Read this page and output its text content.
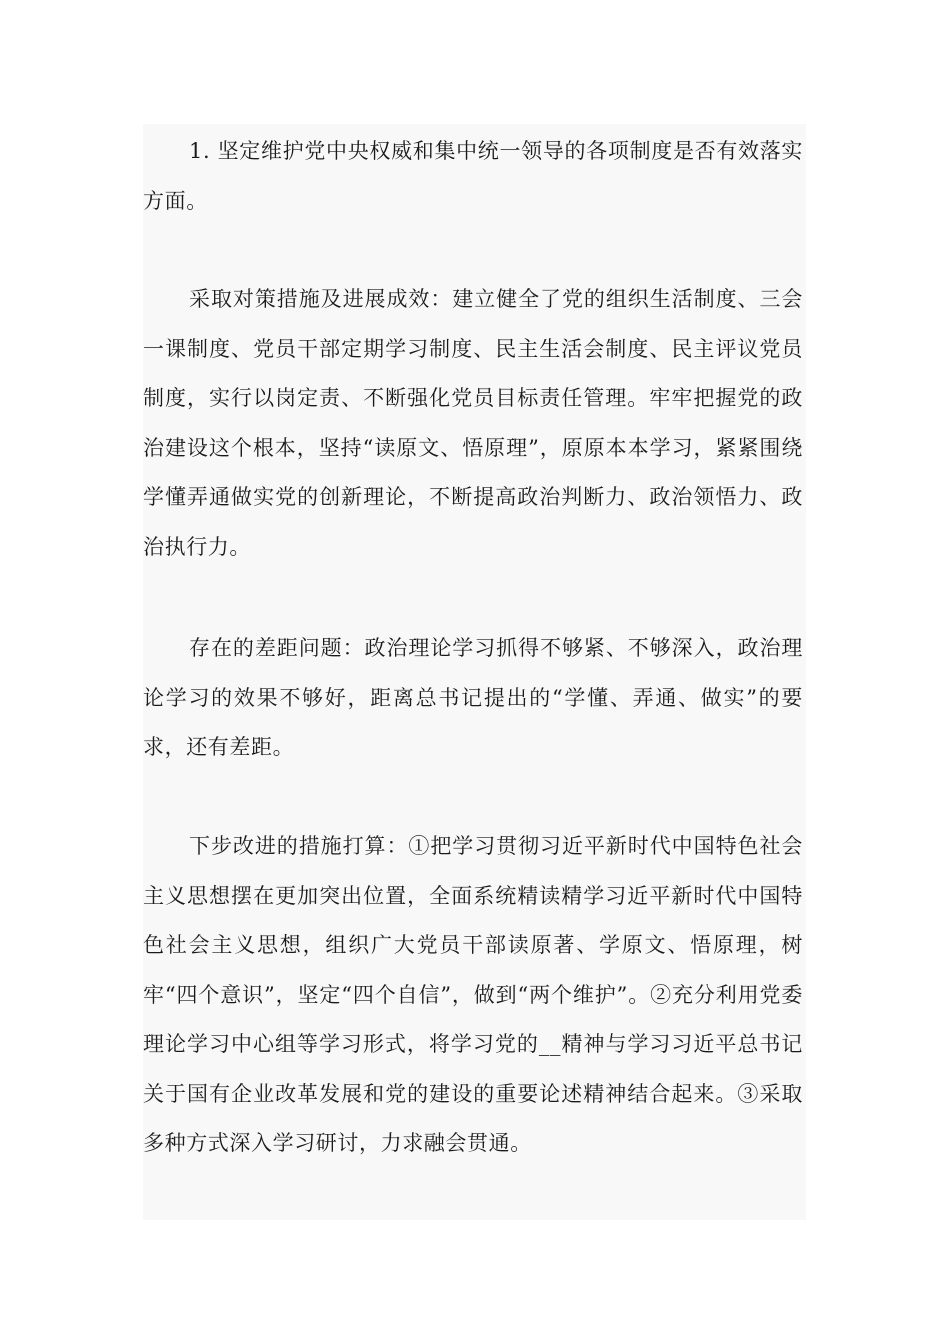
1. 坚定维护党中央权威和集中统一领导的各项制度是否有效落实方面。

采取对策措施及进展成效：建立健全了党的组织生活制度、三会一课制度、党员干部定期学习制度、民主生活会制度、民主评议党员制度，实行以岗定责、不断强化党员目标责任管理。牢牢把握党的政治建设这个根本，坚持“读原文、悟原理”，原原本本学习，紧紧围绕学懂弄通做实党的创新理论，不断提高政治判断力、政治领悟力、政治执行力。

存在的差距问题：政治理论学习抓得不够紧、不够深入，政治理论学习的效果不够好，距离总书记提出的“学懂、弄通、做实”的要求，还有差距。

下步改进的措施打算：①把学习贯彻习近平新时代中国特色社会主义思想摆在更加突出位置，全面系统精读精学习近平新时代中国特色社会主义思想，组织广大党员干部读原著、学原文、悟原理，树牢“四个意识”，坚定“四个自信”，做到“两个维护”。②充分利用党委理论学习中心组等学习形式，将学习党的__精神与学习习近平总书记关于国有企业改革发展和党的建设的重要论述精神结合起来。③采取多种方式深入学习研讨，力求融会贯通。
